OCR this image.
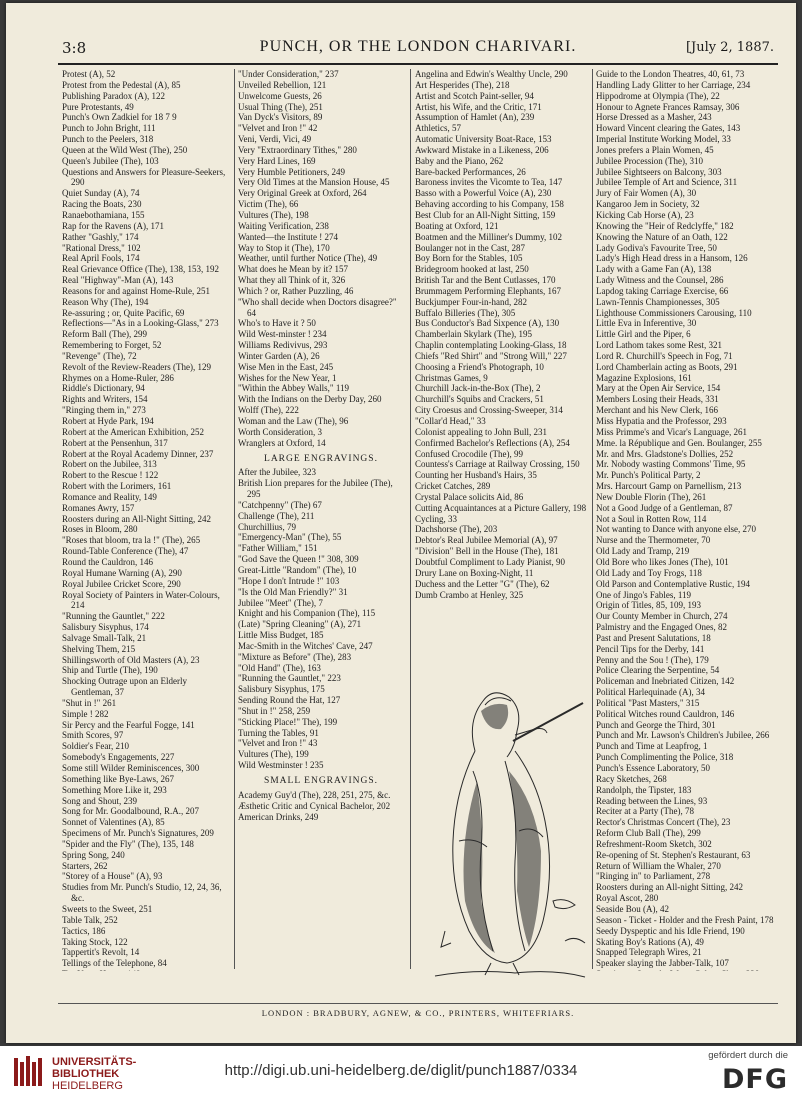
3:8	PUNCH, OR THE LONDON CHARIVARI.	[July 2, 1887.
Protest (A), 52
Protest from the Pedestal (A), 85
Publishing Paradox (A), 122
Pure Protestants, 49
Punch's Own Zadkiel for 18 7 9
Punch to John Bright, 111
Punch to the Peelers, 318
Queen at the Wild West (The), 250
Queen's Jubilee (The), 103
Questions and Answers for Pleasure-Seekers, 290
Quiet Sunday (A), 74
Racing the Boats, 230
Ranaebothamiana, 155
Rap for the Ravens (A), 171
Rather "Gashly," 174
"Rational Dress," 102
Real April Fools, 174
Real Grievance Office (The), 138, 153, 192
Real "Highway"-Man (A), 143
Reasons for and against Home-Rule, 251
Reason Why (The), 194
Re-assuring ; or, Quite Pacific, 69
Reflections—"As in a Looking-Glass," 273
Reform Ball (The), 299
Remembering to Forget, 52
"Revenge" (The), 72
Revolt of the Review-Readers (The), 129
Rhymes on a Home-Ruler, 286
Riddle's Dictionary, 94
Rights and Writers, 154
"Ringing them in," 273
Robert at Hyde Park, 194
Robert at the American Exhibition, 252
Robert at the Pensenhun, 317
Robert at the Royal Academy Dinner, 237
Robert on the Jubilee, 313
Robert to the Rescue ! 122
Robert with the Lorimers, 161
Romance and Reality, 149
Romanes Awry, 157
Roosters during an All-Night Sitting, 242
Roses in Bloom, 280
"Roses that bloom, tra la !" (The), 265
Round-Table Conference (The), 47
Round the Cauldron, 146
Royal Humane Warning (A), 290
Royal Jubilee Cricket Score, 290
Royal Society of Painters in Water-Colours, 214
"Running the Gauntlet," 222
Salisbury Sisyphus, 174
Salvage Small-Talk, 21
Shelving Them, 215
Shillingsworth of Old Masters (A), 23
Ship and Turtle (The), 190
Shocking Outrage upon an Elderly Gentleman, 37
"Shut in !" 261
Simple ! 282
Sir Percy and the Fearful Fogge, 141
Smith Scores, 97
Soldier's Fear, 210
Somebody's Engagements, 227
Some still Wilder Reminiscences, 300
Something like Bye-Laws, 267
Something More Like it, 293
Song and Shout, 239
Song for Mr. Goodalbound, R.A., 207
Sonnet of Valentines (A), 85
Specimens of Mr. Punch's Signatures, 209
"Spider and the Fly" (The), 135, 148
Spring Song, 240
Starters, 262
"Storey of a House" (A), 93
Studies from Mr. Punch's Studio, 12, 24, 36, &c.
Sweets to the Sweet, 251
Table Talk, 252
Tactics, 186
Taking Stock, 122
Tappertit's Revolt, 14
Tellings of the Telephone, 84
"Under Consideration," 237
Unveiled Rebellion, 121
Unwelcome Guests, 26
Usual Thing (The), 251
Van Dyck's Visitors, 89
"Velvet and Iron !" 42
Veni, Verdi, Vici, 49
Very "Extraordinary Tithes," 280
Very Hard Lines, 169
Very Humble Petitioners, 249
Very Old Times at the Mansion House, 45
Very Original Greek at Oxford, 264
Victim (The), 66
Vultures (The), 198
Waiting Verification, 238
Wanted—the Institute ! 274
Way to Stop it (The), 170
Weather, until further Notice (The), 49
What does he Mean by it? 157
What they all Think of it, 326
Which ? or, Rather Puzzling, 46
"Who shall decide when Doctors disagree?" 64
Who's to Have it ? 50
Wild West-minster ! 234
Williams Redivivus, 293
Winter Garden (A), 26
Wise Men in the East, 245
Wishes for the New Year, 1
"Within the Abbey Walls," 119
With the Indians on the Derby Day, 260
Wolff (The), 222
Woman and the Law (The), 96
Worth Consideration, 3
Wranglers at Oxford, 14
LARGE ENGRAVINGS.
After the Jubilee, 323
British Lion prepares for the Jubilee (The), 295
"Catchpenny" (The) 67
Challenge (The), 211
Churchillius, 79
"Emergency-Man" (The), 55
"Father William," 151
"God Save the Queen !" 308, 309
Great-Little "Random" (The), 10
"Hope I don't Intrude !" 103
"Is the Old Man Friendly?" 31
Jubilee "Meet" (The), 7
Knight and his Companion (The), 115
(Late) "Spring Cleaning" (A), 271
Little Miss Budget, 185
Mac-Smith in the Witches' Cave, 247
"Mixture as Before" (The), 283
"Old Hand" (The), 163
"Running the Gauntlet," 223
Salisbury Sisyphus, 175
Sending Round the Hat, 127
"Shut in !" 258, 259
"Sticking Place!" The), 199
Turning the Tables, 91
"Velvet and Iron !" 43
Vultures (The), 199
Wild Westminster ! 235
SMALL ENGRAVINGS.
Academy Guy'd (The), 228, 251, 275, &c.
Æsthetic Critic and Cynical Bachelor, 202
American Drinks, 249
Angelina and Edwin's Wealthy Uncle, 290
Art Hesperides (The), 218
Artist and Scotch Paint-seller, 94
Artist, his Wife, and the Critic, 171
Assumption of Hamlet (An), 239
Athletics, 57
Automatic University Boat-Race, 153
Awkward Mistake in a Likeness, 206
Baby and the Piano, 262
Bare-backed Performances, 26
Baroness invites the Vicomte to Tea, 147
Basso with a Powerful Voice (A), 230
Behaving according to his Company, 158
Best Club for an All-Night Sitting, 159
Boating at Oxford, 121
Boatmen and the Milliner's Dummy, 102
Boulanger not in the Cast, 287
Boy Born for the Stables, 105
Bridegroom hooked at last, 250
British Tar and the Bent Cutlasses, 170
Brummagem Performing Elephants, 167
Buckjumper Four-in-hand, 282
Buffalo Billeries (The), 305
Bus Conductor's Bad Sixpence (A), 130
Chamberlain Skylark (The), 195
Chaplin contemplating Looking-Glass, 18
Chiefs "Red Shirt" and "Strong Will," 227
Choosing a Friend's Photograph, 10
Christmas Games, 9
Churchill Jack-in-the-Box (The), 2
Churchill's Squibs and Crackers, 51
City Croesus and Crossing-Sweeper, 314
"Collar'd Head," 33
Colonist appealing to John Bull, 231
Confirmed Bachelor's Reflections (A), 254
Confused Crocodile (The), 99
Countess's Carriage at Railway Crossing, 150
Counting her Husband's Hairs, 35
Cricket Catches, 289
Crystal Palace solicits Aid, 86
Cutting Acquaintances at a Picture Gallery, 198
Cycling, 33
Dachshorse (The), 203
Debtor's Real Jubilee Memorial (A), 97
"Division" Bell in the House (The), 181
Doubtful Compliment to Lady Pianist, 90
Drury Lane on Boxing-Night, 11
Duchess and the Letter "G" (The), 62
Dumb Crambo at Henley, 325
Guide to the London Theatres, 40, 61, 73
Handling Lady Glitter to her Carriage, 234
Hippodrome at Olympia (The), 22
Honour to Agnete Frances Ramsay, 306
Horse Dressed as a Masher, 243
Howard Vincent clearing the Gates, 143
Imperial Institute Working Model, 33
Jones prefers a Plain Women, 45
Jubilee Procession (The), 310
Jubilee Sightseers on Balcony, 303
Jubilee Temple of Art and Science, 311
Jury of Fair Women (A), 30
Kangaroo Jem in Society, 32
Kicking Cab Horse (A), 23
Knowing the "Heir of Redclyffe," 182
Knowing the Nature of an Oath, 122
Lady Godiva's Favourite Tree, 50
Lady's High Head dress in a Hansom, 126
Lady with a Game Fan (A), 138
Lady Witness and the Counsel, 286
Lapdog taking Carriage Exercise, 66
Lawn-Tennis Championesses, 305
Lighthouse Commissioners Carousing, 110
Little Eva in Inferentive, 30
Little Girl and the Piper, 6
Lord Lathom takes some Rest, 321
Lord R. Churchill's Speech in Fog, 71
Lord Chamberlain acting as Boots, 291
Magazine Explosions, 161
Mary at the Open Air Service, 154
Members Losing their Heads, 331
Merchant and his New Clerk, 166
Miss Hypatia and the Professor, 293
Miss Primme's and Vicar's Language, 261
Mme. la République and Gen. Boulanger, 255
Mr. and Mrs. Gladstone's Dollies, 252
Mr. Nobody wasting Commons' Time, 95
Mr. Punch's Political Party, 2
Mrs. Harcourt Gamp on Parnellism, 213
New Double Florin (The), 261
Not a Good Judge of a Gentleman, 87
Not a Soul in Rotten Row, 114
Not wanting to Dance with anyone else, 270
Nurse and the Thermometer, 70
Old Lady and Tramp, 219
Old Bore who likes Jones (The), 101
Old Lady and Toy Frogs, 118
Old Parson and Contemplative Rustic, 194
One of Jingo's Fables, 119
Origin of Titles, 85, 109, 193
Our County Member in Church, 274
Palmistry and the Engaged Ones, 82
Past and Present Salutations, 18
Pencil Tips for the Derby, 141
Penny and the Sou ! (The), 179
Police Clearing the Serpentine, 54
Policeman and Inebriated Citizen, 142
Political Harlequinade (A), 34
Political "Past Masters," 315
Political Witches round Cauldron, 146
Punch and George the Third, 301
Punch and Mr. Lawson's Children's Jubilee, 266
Punch and Time at Leapfrog, 1
Punch Complimenting the Police, 318
Punch's Essence Laboratory, 50
Racy Sketches, 268
Randolph, the Tipster, 183
Reading between the Lines, 93
Reciter at a Party (The), 78
Rector's Christmas Concert (The), 23
Reform Club Ball (The), 299
Refreshment-Room Sketch, 302
Re-opening of St. Stephen's Restaurant, 63
Return of William the Whaler, 270
"Ringing in" to Parliament, 278
Roosters during an All-night Sitting, 242
Royal Ascot, 280
Seaside Bou (A), 42
Season - Ticket - Holder and the Fresh Paint, 178
Seedy Dyspeptic and his Idle Friend, 190
Skating Boy's Rations (A), 49
Snapped Telegraph Wires, 21
Speaker slaying the Jabber-Talk, 107
LONDON : BRADBURY, AGNEW, & CO., PRINTERS, WHITEFRIARS.
UNIVERSITÄTS-
BIBLIOTHEK
HEIDELBERG
http://digi.ub.uni-heidelberg.de/diglit/punch1887/0334
gefördert durch die
DFG
